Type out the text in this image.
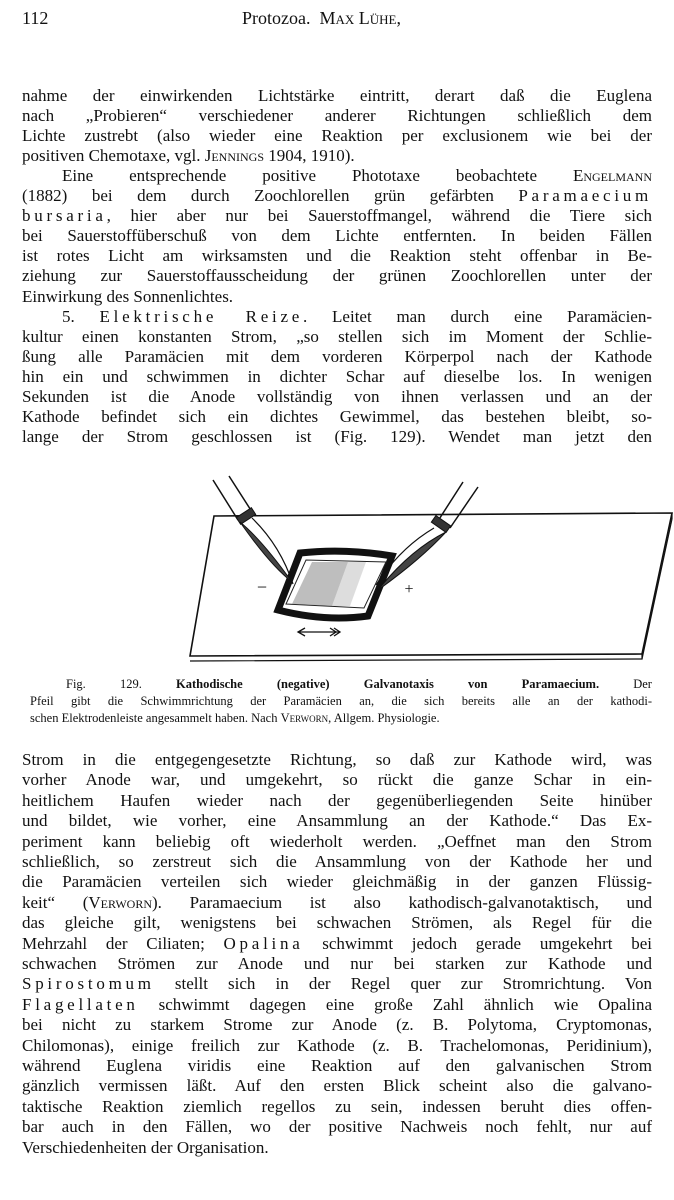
112	Protozoa. Max Lühe,
nahme der einwirkenden Lichtstärke eintritt, derart daß die Euglena
nach „Probieren“ verschiedener anderer Richtungen schließlich dem
Lichte zustrebt (also wieder eine Reaktion per exclusionem wie bei der
positiven Chemotaxe, vgl. Jennings 1904, 1910).
Eine entsprechende positive Phototaxe beobachtete Engelmann
(1882) bei dem durch Zoochlorellen grün gefärbten Paramaecium
bursaria, hier aber nur bei Sauerstoffmangel, während die Tiere sich
bei Sauerstoffüberschuß von dem Lichte entfernten. In beiden Fällen
ist rotes Licht am wirksamsten und die Reaktion steht offenbar in Be-
ziehung zur Sauerstoffausscheidung der grünen Zoochlorellen unter der
Einwirkung des Sonnenlichtes.
5. Elektrische Reize. Leitet man durch eine Paramäcien-
kultur einen konstanten Strom, „so stellen sich im Moment der Schlie-
ßung alle Paramäcien mit dem vorderen Körperpol nach der Kathode
hin ein und schwimmen in dichter Schar auf dieselbe los. In wenigen
Sekunden ist die Anode vollständig von ihnen verlassen und an der
Kathode befindet sich ein dichtes Gewimmel, das bestehen bleibt, so-
lange der Strom geschlossen ist (Fig. 129). Wendet man jetzt den
−	+
Fig. 129. Kathodische (negative) Galvanotaxis von Paramaecium. Der
Pfeil gibt die Schwimmrichtung der Paramäcien an, die sich bereits alle an der kathodi-
schen Elektrodenleiste angesammelt haben. Nach Verworn, Allgem. Physiologie.
Strom in die entgegengesetzte Richtung, so daß zur Kathode wird, was
vorher Anode war, und umgekehrt, so rückt die ganze Schar in ein-
heitlichem Haufen wieder nach der gegenüberliegenden Seite hinüber
und bildet, wie vorher, eine Ansammlung an der Kathode.“ Das Ex-
periment kann beliebig oft wiederholt werden. „Oeffnet man den Strom
schließlich, so zerstreut sich die Ansammlung von der Kathode her und
die Paramäcien verteilen sich wieder gleichmäßig in der ganzen Flüssig-
keit“ (Verworn). Paramaecium ist also kathodisch-galvanotaktisch, und
das gleiche gilt, wenigstens bei schwachen Strömen, als Regel für die
Mehrzahl der Ciliaten; Opalina schwimmt jedoch gerade umgekehrt bei
schwachen Strömen zur Anode und nur bei starken zur Kathode und
Spirostomum stellt sich in der Regel quer zur Stromrichtung. Von
Flagellaten schwimmt dagegen eine große Zahl ähnlich wie Opalina
bei nicht zu starkem Strome zur Anode (z. B. Polytoma, Cryptomonas,
Chilomonas), einige freilich zur Kathode (z. B. Trachelomonas, Peridinium),
während Euglena viridis eine Reaktion auf den galvanischen Strom
gänzlich vermissen läßt. Auf den ersten Blick scheint also die galvano-
taktische Reaktion ziemlich regellos zu sein, indessen beruht dies offen-
bar auch in den Fällen, wo der positive Nachweis noch fehlt, nur auf
Verschiedenheiten der Organisation.
